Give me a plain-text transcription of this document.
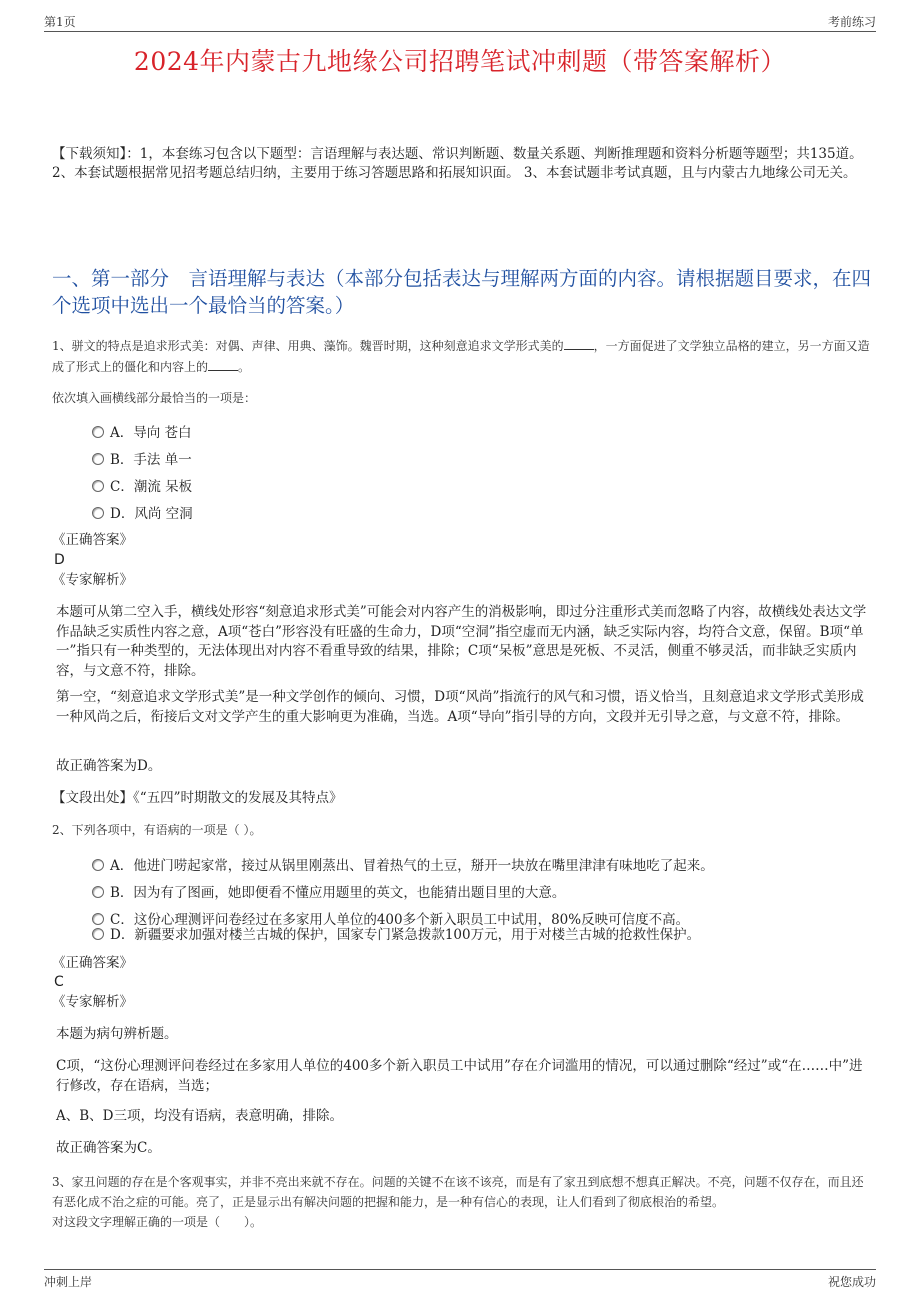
第1页	考前练习
2024年内蒙古九地缘公司招聘笔试冲刺题（带答案解析）
【下载须知】：1，本套练习包含以下题型：言语理解与表达题、常识判断题、数量关系题、判断推理题和资料分析题等题型；共135道。 2、本套试题根据常见招考题总结归纳，主要用于练习答题思路和拓展知识面。 3、本套试题非考试真题，且与内蒙古九地缘公司无关。
一、第一部分　言语理解与表达（本部分包括表达与理解两方面的内容。请根据题目要求，在四个选项中选出一个最恰当的答案。）
1、骈文的特点是追求形式美：对偶、声律、用典、藻饰。魏晋时期，这种刻意追求文学形式美的	，一方面促进了文学独立品格的建立，另一方面又造成了形式上的僵化和内容上的	。
依次填入画横线部分最恰当的一项是：
A．导向 苍白
B．手法 单一
C．潮流 呆板
D．风尚 空洞
《正确答案》
D
《专家解析》
本题可从第二空入手，横线处形容“刻意追求形式美”可能会对内容产生的消极影响，即过分注重形式美而忽略了内容，故横线处表达文学作品缺乏实质性内容之意，A项“苍白”形容没有旺盛的生命力，D项“空洞”指空虚而无内涵，缺乏实际内容，均符合文意，保留。B项“单一”指只有一种类型的，无法体现出对内容不看重导致的结果，排除；C项“呆板”意思是死板、不灵活，侧重不够灵活，而非缺乏实质内容，与文意不符，排除。
第一空，“刻意追求文学形式美”是一种文学创作的倾向、习惯，D项“风尚”指流行的风气和习惯，语义恰当，且刻意追求文学形式美形成一种风尚之后，衔接后文对文学产生的重大影响更为准确，当选。A项“导向”指引导的方向，文段并无引导之意，与文意不符，排除。
故正确答案为D。
【文段出处】《“五四”时期散文的发展及其特点》
2、下列各项中，有语病的一项是（ ）。
A．他进门唠起家常，接过从锅里刚蒸出、冒着热气的土豆，掰开一块放在嘴里津津有味地吃了起来。
B．因为有了图画，她即便看不懂应用题里的英文，也能猜出题目里的大意。
C．这份心理测评问卷经过在多家用人单位的400多个新入职员工中试用，80%反映可信度不高。
D．新疆要求加强对楼兰古城的保护，国家专门紧急拨款100万元，用于对楼兰古城的抢救性保护。
《正确答案》
C
《专家解析》
本题为病句辨析题。
C项，“这份心理测评问卷经过在多家用人单位的400多个新入职员工中试用”存在介词滥用的情况，可以通过删除“经过”或“在……中”进行修改，存在语病，当选；
A、B、D三项，均没有语病，表意明确，排除。
故正确答案为C。
3、家丑问题的存在是个客观事实，并非不亮出来就不存在。问题的关键不在该不该亮，而是有了家丑到底想不想真正解决。不亮，问题不仅存在，而且还有恶化成不治之症的可能。亮了，正是显示出有解决问题的把握和能力，是一种有信心的表现，让人们看到了彻底根治的希望。
对这段文字理解正确的一项是（　　）。
冲刺上岸	祝您成功
